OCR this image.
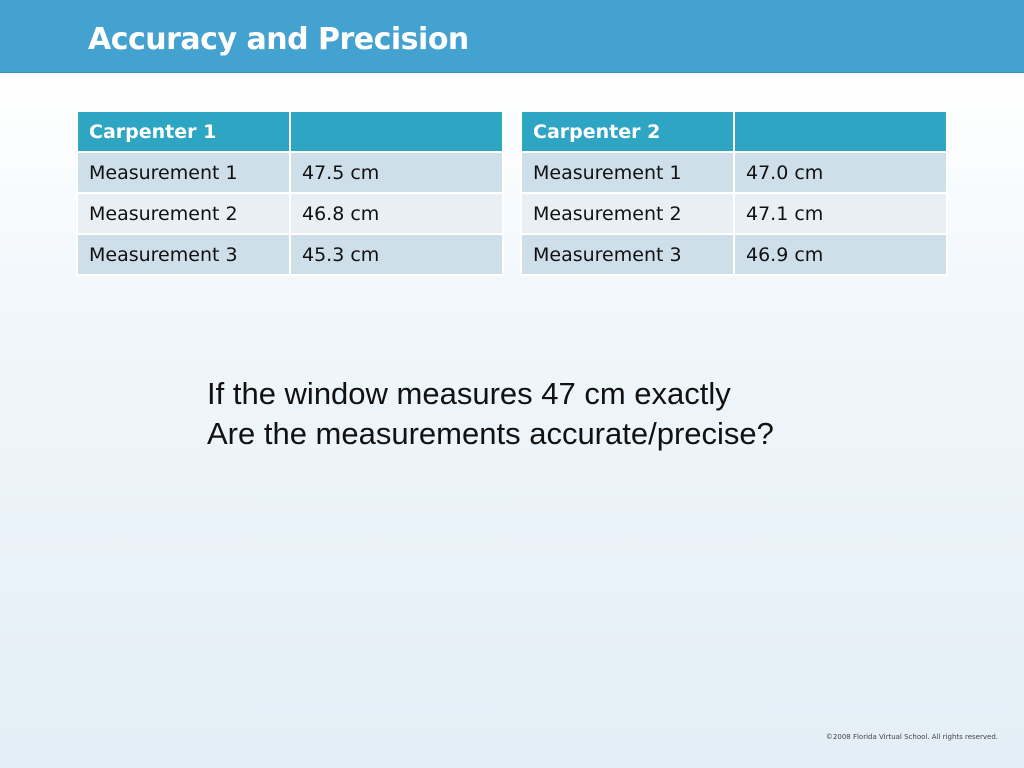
Accuracy and Precision
Carpenter 1	
Measurement 1	47.5 cm
Measurement 2	46.8 cm
Measurement 3	45.3 cm
Carpenter 2	
Measurement 1	47.0 cm
Measurement 2	47.1 cm
Measurement 3	46.9 cm
If the window measures 47 cm exactly
Are the measurements accurate/precise?
©2008 Florida Virtual School. All rights reserved.
